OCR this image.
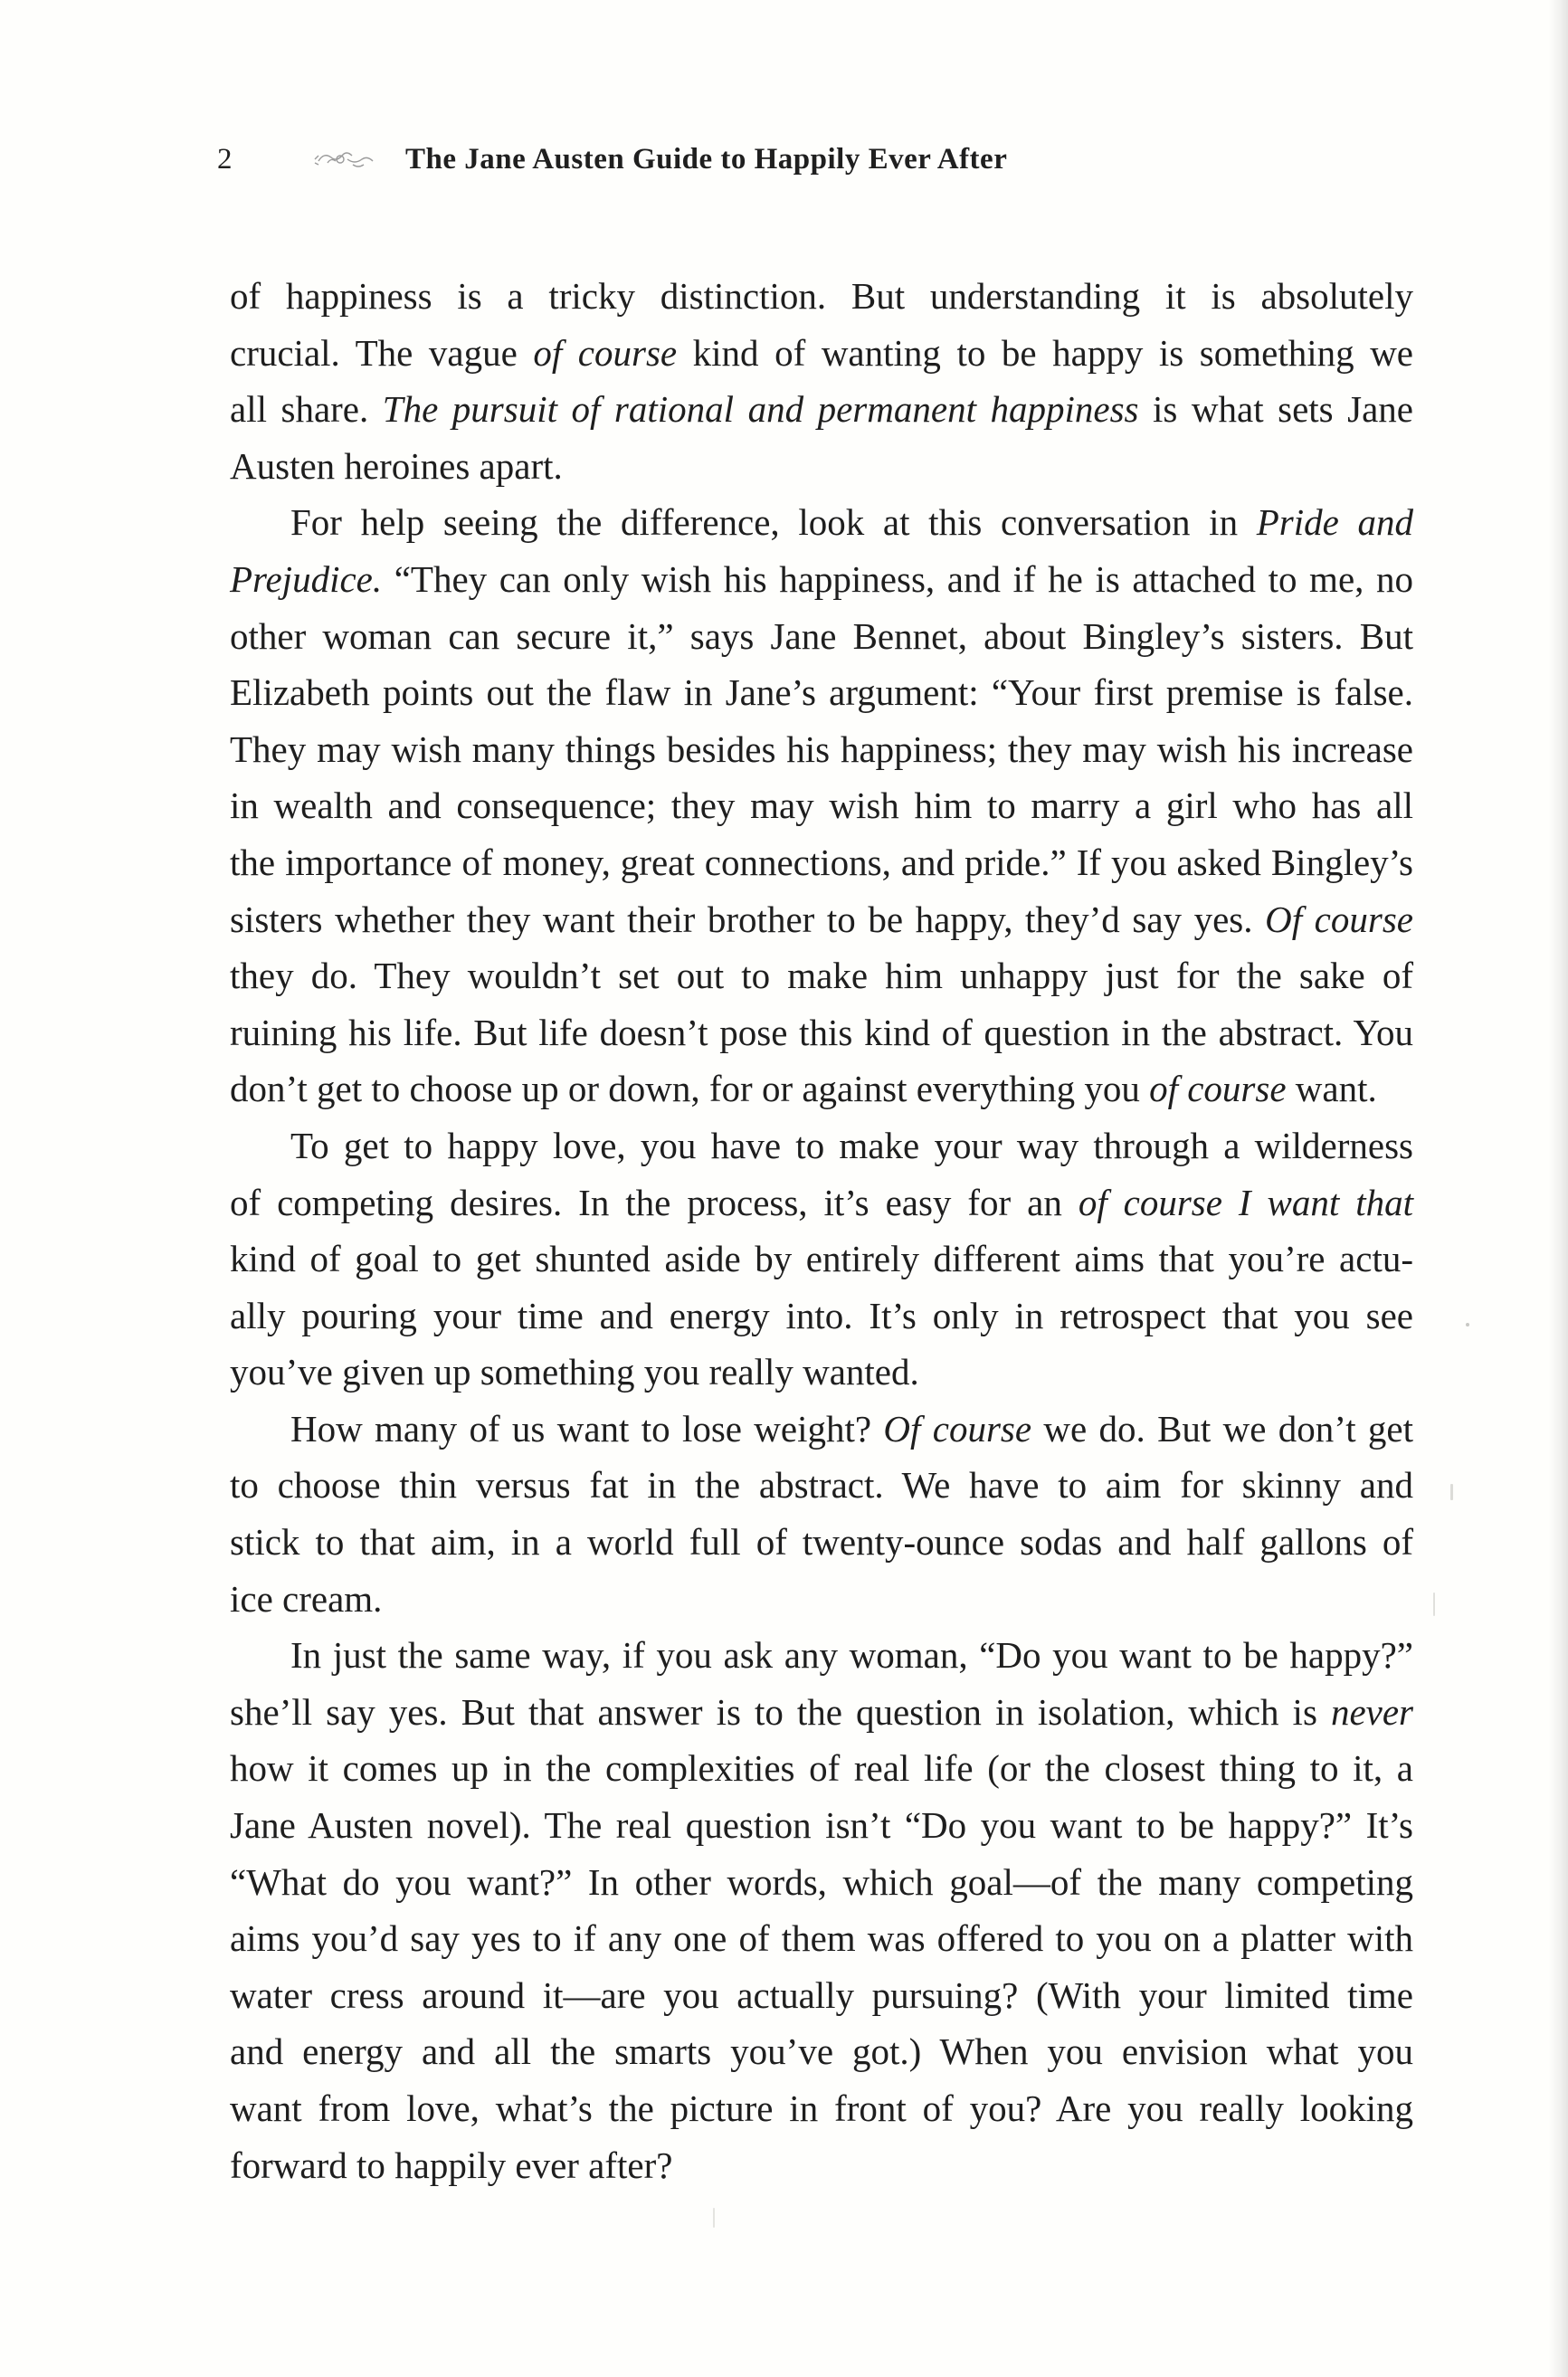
2	The Jane Austen Guide to Happily Ever After

of happiness is a tricky distinction. But understanding it is absolutely
crucial. The vague of course kind of wanting to be happy is something we
all share. The pursuit of rational and permanent happiness is what sets Jane
Austen heroines apart.

For help seeing the difference, look at this conversation in Pride and
Prejudice. “They can only wish his happiness, and if he is attached to me, no
other woman can secure it,” says Jane Bennet, about Bingley’s sisters. But
Elizabeth points out the flaw in Jane’s argument: “Your first premise is false.
They may wish many things besides his happiness; they may wish his increase
in wealth and consequence; they may wish him to marry a girl who has all
the importance of money, great connections, and pride.” If you asked Bingley’s
sisters whether they want their brother to be happy, they’d say yes. Of course
they do. They wouldn’t set out to make him unhappy just for the sake of
ruining his life. But life doesn’t pose this kind of question in the abstract. You
don’t get to choose up or down, for or against everything you of course want.

To get to happy love, you have to make your way through a wilderness
of competing desires. In the process, it’s easy for an of course I want that
kind of goal to get shunted aside by entirely different aims that you’re actu-
ally pouring your time and energy into. It’s only in retrospect that you see
you’ve given up something you really wanted.

How many of us want to lose weight? Of course we do. But we don’t get
to choose thin versus fat in the abstract. We have to aim for skinny and
stick to that aim, in a world full of twenty-ounce sodas and half gallons of
ice cream.

In just the same way, if you ask any woman, “Do you want to be happy?”
she’ll say yes. But that answer is to the question in isolation, which is never
how it comes up in the complexities of real life (or the closest thing to it, a
Jane Austen novel). The real question isn’t “Do you want to be happy?” It’s
“What do you want?” In other words, which goal—of the many competing
aims you’d say yes to if any one of them was offered to you on a platter with
water cress around it—are you actually pursuing? (With your limited time
and energy and all the smarts you’ve got.) When you envision what you
want from love, what’s the picture in front of you? Are you really looking
forward to happily ever after?
